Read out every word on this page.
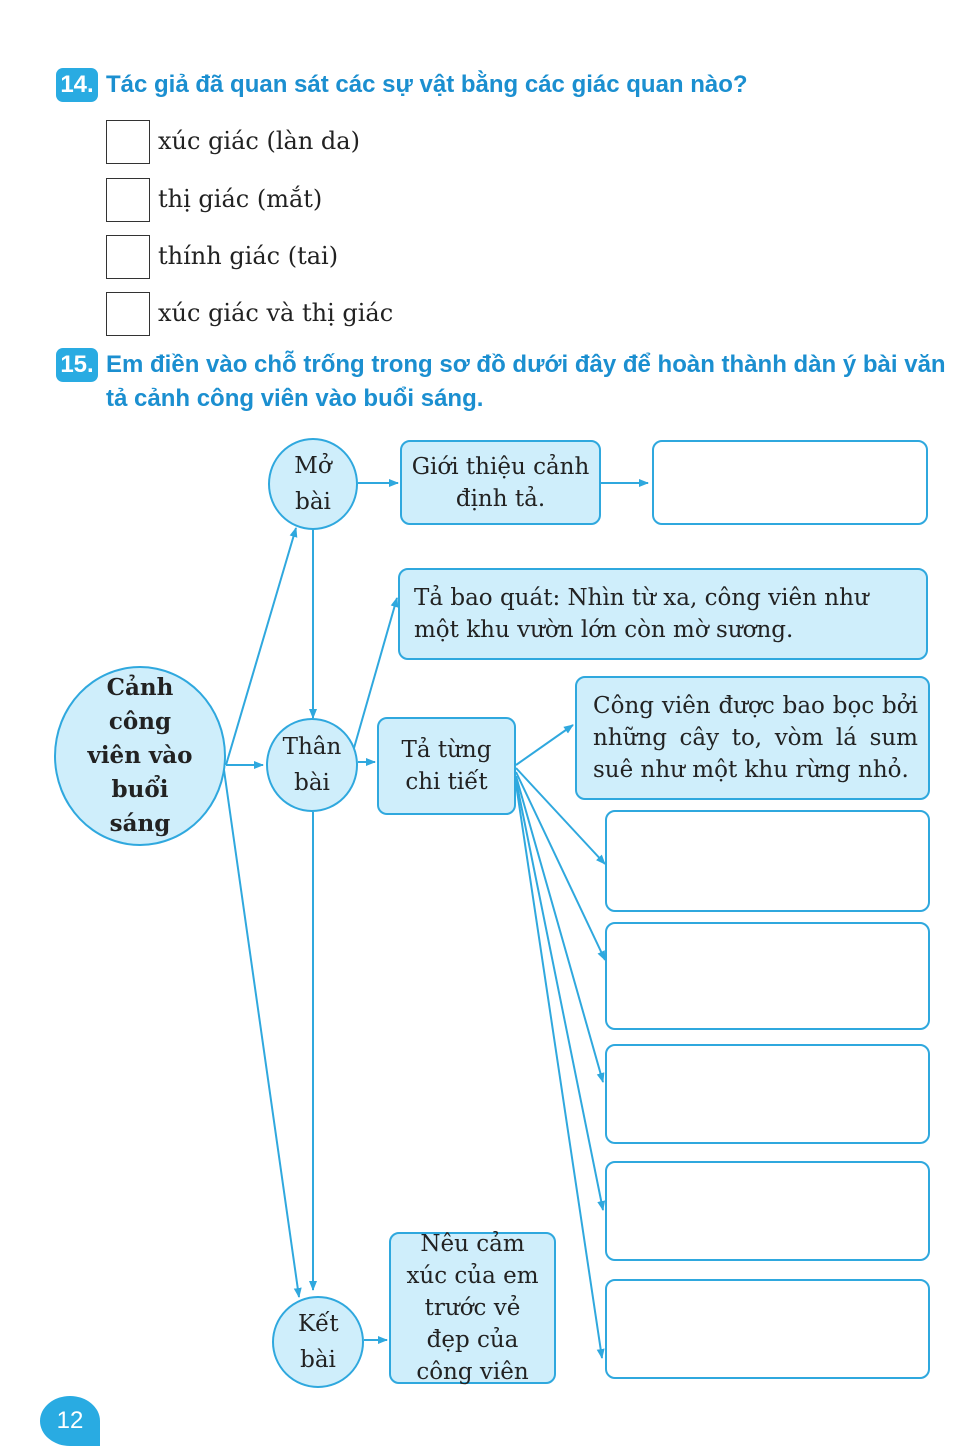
14. Tác giả đã quan sát các sự vật bằng các giác quan nào?
xúc giác (làn da)
thị giác (mắt)
thính giác (tai)
xúc giác và thị giác
15. Em điền vào chỗ trống trong sơ đồ dưới đây để hoàn thành dàn ý bài văn
tả cảnh công viên vào buổi sáng.
Cảnh công viên vào buổi sáng
Mở bài
Thân bài
Kết bài
Giới thiệu cảnh định tả.
Tả bao quát: Nhìn từ xa, công viên như một khu vườn lớn còn mờ sương.
Tả từng chi tiết
Công viên được bao bọc bởi những cây to, vòm lá sum suê như một khu rừng nhỏ.
Nêu cảm xúc của em trước vẻ đẹp của công viên
12
